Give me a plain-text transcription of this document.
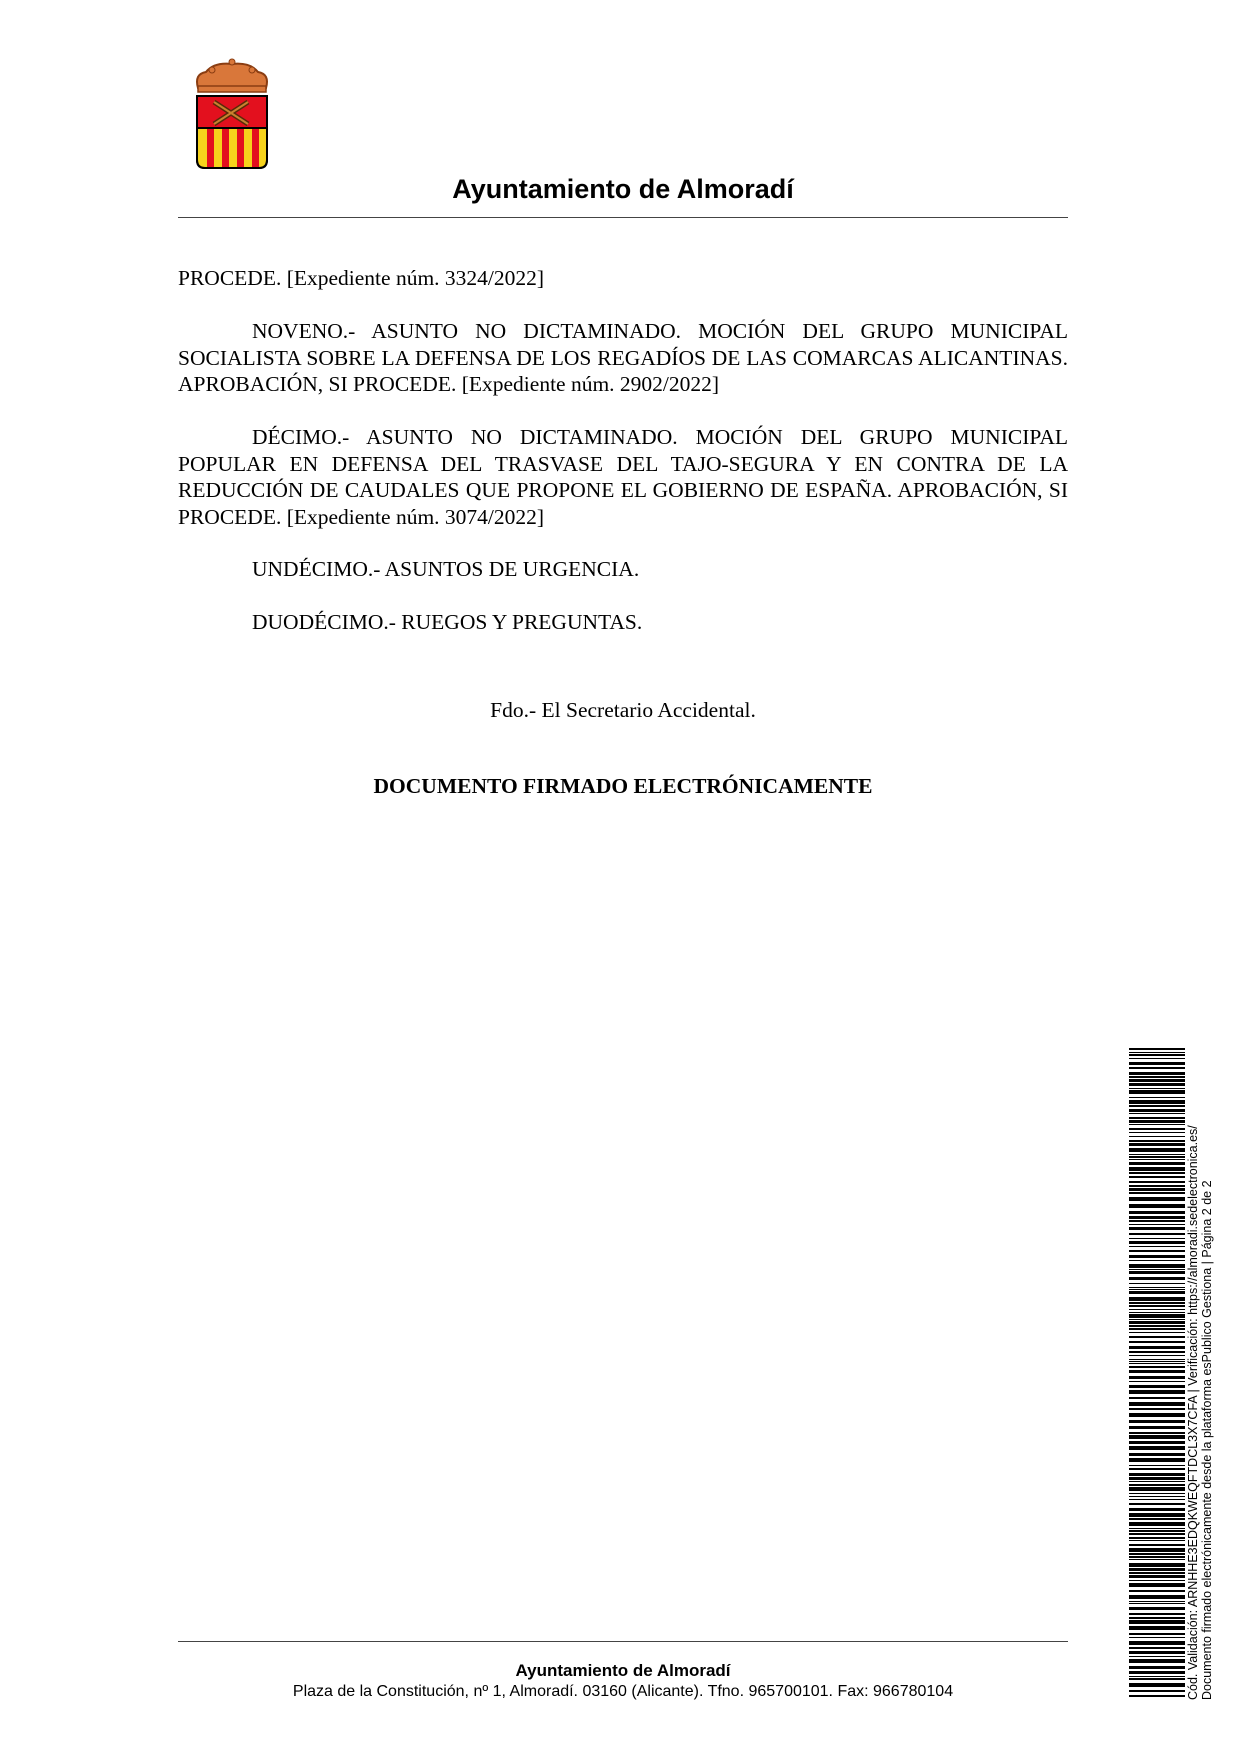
Ayuntamiento de Almoradí

PROCEDE. [Expediente núm. 3324/2022]

NOVENO.- ASUNTO NO DICTAMINADO. MOCIÓN DEL GRUPO MUNICIPAL SOCIALISTA SOBRE LA DEFENSA DE LOS REGADÍOS DE LAS COMARCAS ALICANTINAS. APROBACIÓN, SI PROCEDE. [Expediente núm. 2902/2022]

DÉCIMO.- ASUNTO NO DICTAMINADO. MOCIÓN DEL GRUPO MUNICIPAL POPULAR EN DEFENSA DEL TRASVASE DEL TAJO-SEGURA Y EN CONTRA DE LA REDUCCIÓN DE CAUDALES QUE PROPONE EL GOBIERNO DE ESPAÑA. APROBACIÓN, SI PROCEDE. [Expediente núm. 3074/2022]

UNDÉCIMO.- ASUNTOS DE URGENCIA.

DUODÉCIMO.- RUEGOS Y PREGUNTAS.

Fdo.- El Secretario Accidental.

DOCUMENTO FIRMADO ELECTRÓNICAMENTE

Ayuntamiento de Almoradí
Plaza de la Constitución, nº 1, Almoradí. 03160 (Alicante). Tfno. 965700101. Fax: 966780104	Cód. Validación: ARNHHE3EDQKWEQFTDCL3X7CFA | Verificación: https://almoradi.sedelectronica.es/ Documento firmado electrónicamente desde la plataforma esPublico Gestiona | Página 2 de 2
